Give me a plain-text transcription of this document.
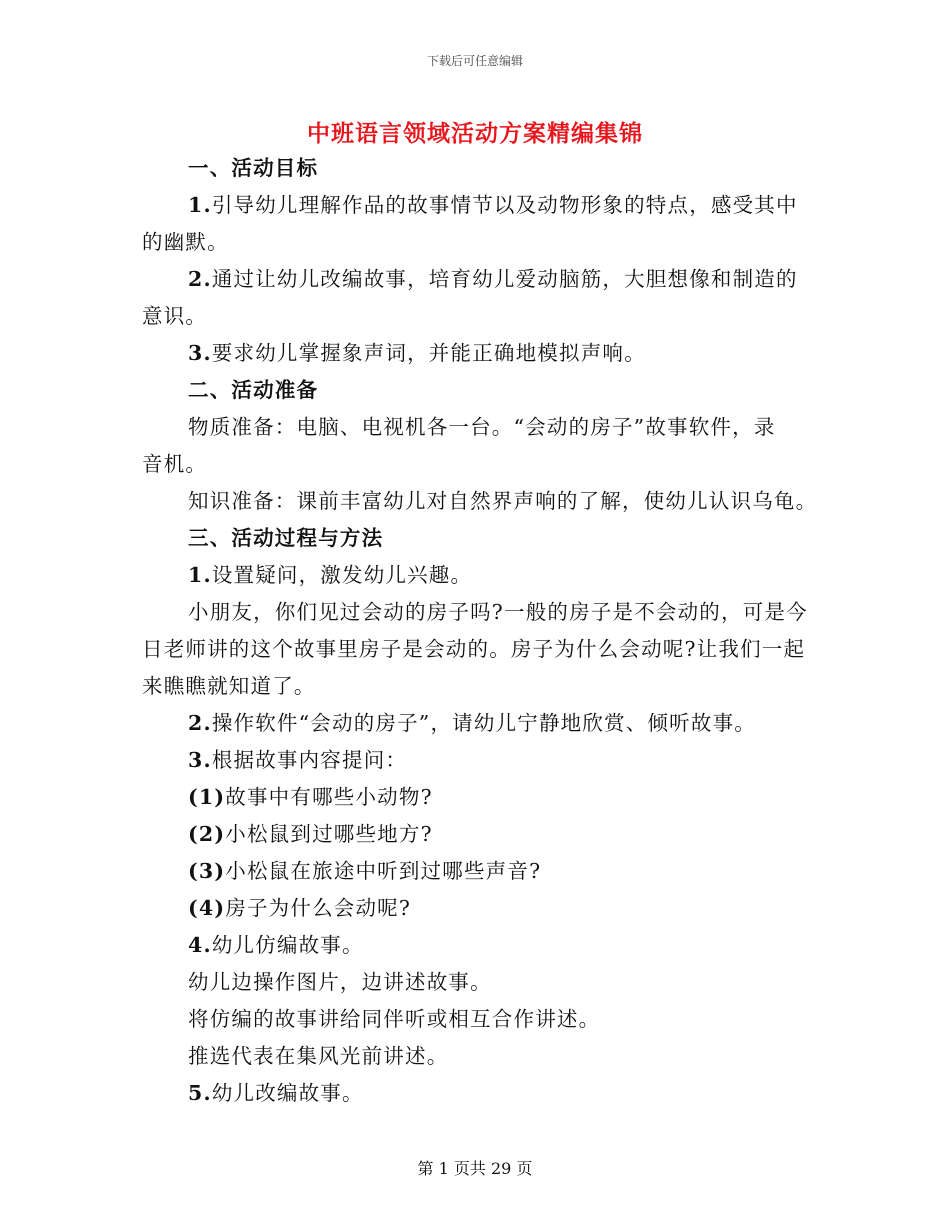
下载后可任意编辑
中班语言领域活动方案精编集锦
一、活动目标
1.引导幼儿理解作品的故事情节以及动物形象的特点，感受其中
的幽默。
2.通过让幼儿改编故事，培育幼儿爱动脑筋，大胆想像和制造的
意识。
3.要求幼儿掌握象声词，并能正确地模拟声响。
二、活动准备
物质准备：电脑、电视机各一台。“会动的房子”故事软件，录
音机。
知识准备：课前丰富幼儿对自然界声响的了解，使幼儿认识乌龟。
三、活动过程与方法
1.设置疑问，激发幼儿兴趣。
小朋友，你们见过会动的房子吗?一般的房子是不会动的，可是今
日老师讲的这个故事里房子是会动的。房子为什么会动呢?让我们一起
来瞧瞧就知道了。
2.操作软件“会动的房子”，请幼儿宁静地欣赏、倾听故事。
3.根据故事内容提问：
(1)故事中有哪些小动物?
(2)小松鼠到过哪些地方?
(3)小松鼠在旅途中听到过哪些声音?
(4)房子为什么会动呢?
4.幼儿仿编故事。
幼儿边操作图片，边讲述故事。
将仿编的故事讲给同伴听或相互合作讲述。
推选代表在集风光前讲述。
5.幼儿改编故事。
第 1 页共 29 页
